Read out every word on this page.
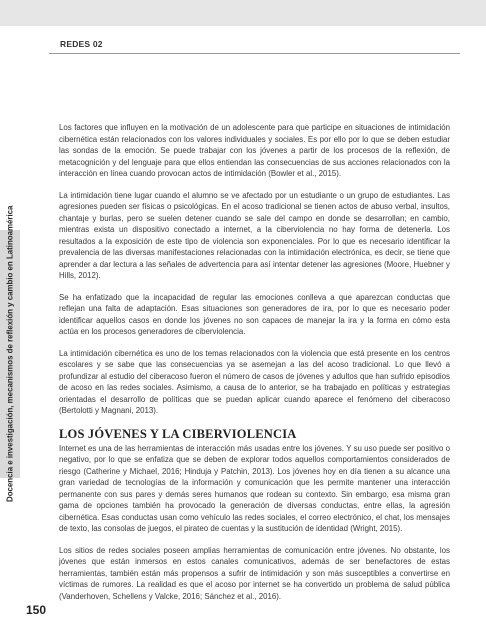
REDES 02
Docencia e investigación, mecanismos de reflexión y cambio en Latinoamérica

Los factores que influyen en la motivación de un adolescente para que participe en situaciones de intimidación cibernética están relacionados con los valores individuales y sociales. Es por ello por lo que se deben estudiar las sondas de la emoción. Se puede trabajar con los jóvenes a partir de los procesos de la reflexión, de metacognición y del lenguaje para que ellos entiendan las consecuencias de sus acciones relacionados con la interacción en línea cuando provocan actos de intimidación (Bowler et al., 2015).

La intimidación tiene lugar cuando el alumno se ve afectado por un estudiante o un grupo de estudiantes. Las agresiones pueden ser físicas o psicológicas. En el acoso tradicional se tienen actos de abuso verbal, insultos, chantaje y burlas, pero se suelen detener cuando se sale del campo en donde se desarrollan; en cambio, mientras exista un dispositivo conectado a internet, a la ciberviolencia no hay forma de detenerla. Los resultados a la exposición de este tipo de violencia son exponenciales. Por lo que es necesario identificar la prevalencia de las diversas manifestaciones relacionadas con la intimidación electrónica, es decir, se tiene que aprender a dar lectura a las señales de advertencia para así intentar detener las agresiones (Moore, Huebner y Hills, 2012).

Se ha enfatizado que la incapacidad de regular las emociones conlleva a que aparezcan conductas que reflejan una falta de adaptación. Esas situaciones son generadores de ira, por lo que es necesario poder identificar aquellos casos en donde los jóvenes no son capaces de manejar la ira y la forma en cómo esta actúa en los procesos generadores de ciberviolencia.

La intimidación cibernética es uno de los temas relacionados con la violencia que está presente en los centros escolares y se sabe que las consecuencias ya se asemejan a las del acoso tradicional. Lo que llevó a profundizar al estudio del ciberacoso fueron el número de casos de jóvenes y adultos que han sufrido episodios de acoso en las redes sociales. Asimismo, a causa de lo anterior, se ha trabajado en políticas y estrategias orientadas el desarrollo de políticas que se puedan aplicar cuando aparece el fenómeno del ciberacoso (Bertolotti y Magnani, 2013).

LOS JÓVENES Y LA CIBERVIOLENCIA

Internet es una de las herramientas de interacción más usadas entre los jóvenes. Y su uso puede ser positivo o negativo, por lo que se enfatiza que se deben de explorar todos aquellos comportamientos considerados de riesgo (Catherine y Michael, 2016; Hinduja y Patchin, 2013). Los jóvenes hoy en día tienen a su alcance una gran variedad de tecnologías de la información y comunicación que les permite mantener una interacción permanente con sus pares y demás seres humanos que rodean su contexto. Sin embargo, esa misma gran gama de opciones también ha provocado la generación de diversas conductas, entre ellas, la agresión cibernética. Esas conductas usan como vehículo las redes sociales, el correo electrónico, el chat, los mensajes de texto, las consolas de juegos, el pirateo de cuentas y la sustitución de identidad (Wright, 2015).

Los sitios de redes sociales poseen amplias herramientas de comunicación entre jóvenes. No obstante, los jóvenes que están inmersos en estos canales comunicativos, además de ser benefactores de estas herramientas, también están más propensos a sufrir de intimidación y son más susceptibles a convertirse en víctimas de rumores. La realidad es que el acoso por internet se ha convertido un problema de salud pública (Vanderhoven, Schellens y Valcke, 2016; Sánchez et al., 2016).

150
